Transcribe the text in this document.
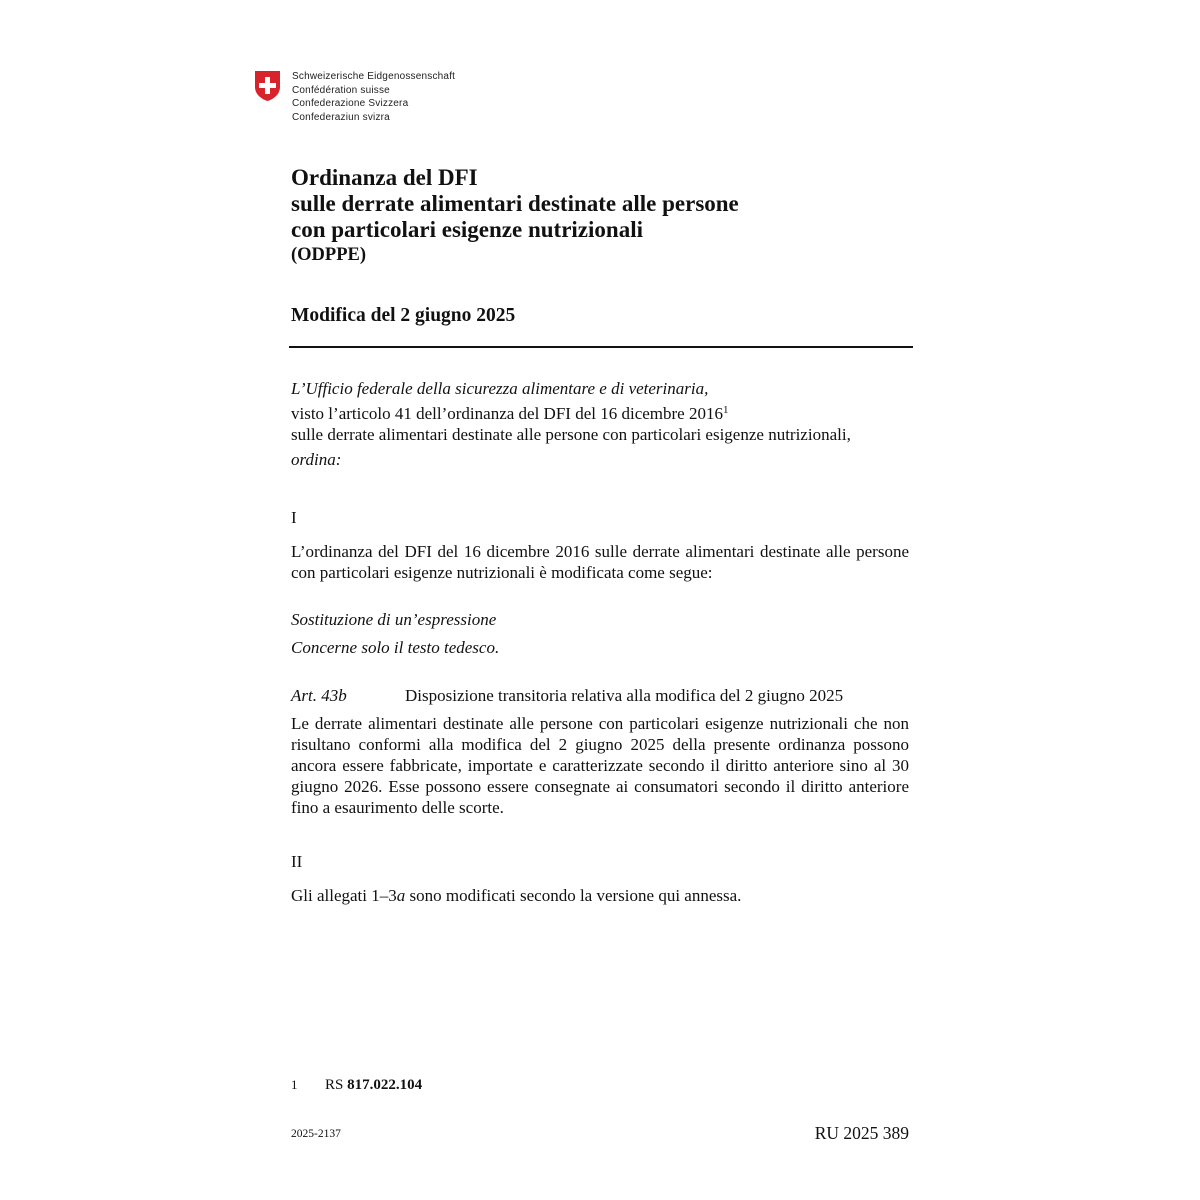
Schweizerische Eidgenossenschaft
Confédération suisse
Confederazione Svizzera
Confederaziun svizra
Ordinanza del DFI
sulle derrate alimentari destinate alle persone
con particolari esigenze nutrizionali
(ODPPE)
Modifica del 2 giugno 2025
L’Ufficio federale della sicurezza alimentare e di veterinaria,
visto l’articolo 41 dell’ordinanza del DFI del 16 dicembre 2016$^1$
sulle derrate alimentari destinate alle persone con particolari esigenze nutrizionali,
ordina:
I
L’ordinanza del DFI del 16 dicembre 2016 sulle derrate alimentari destinate alle persone con particolari esigenze nutrizionali è modificata come segue:
Sostituzione di un’espressione
Concerne solo il testo tedesco.
Art. 43b	Disposizione transitoria relativa alla modifica del 2 giugno 2025
Le derrate alimentari destinate alle persone con particolari esigenze nutrizionali che non risultano conformi alla modifica del 2 giugno 2025 della presente ordinanza possono ancora essere fabbricate, importate e caratterizzate secondo il diritto anteriore sino al 30 giugno 2026. Esse possono essere consegnate ai consumatori secondo il diritto anteriore fino a esaurimento delle scorte.
II
Gli allegati 1–3a sono modificati secondo la versione qui annessa.
1 RS 817.022.104
2025-2137	RU 2025 389
